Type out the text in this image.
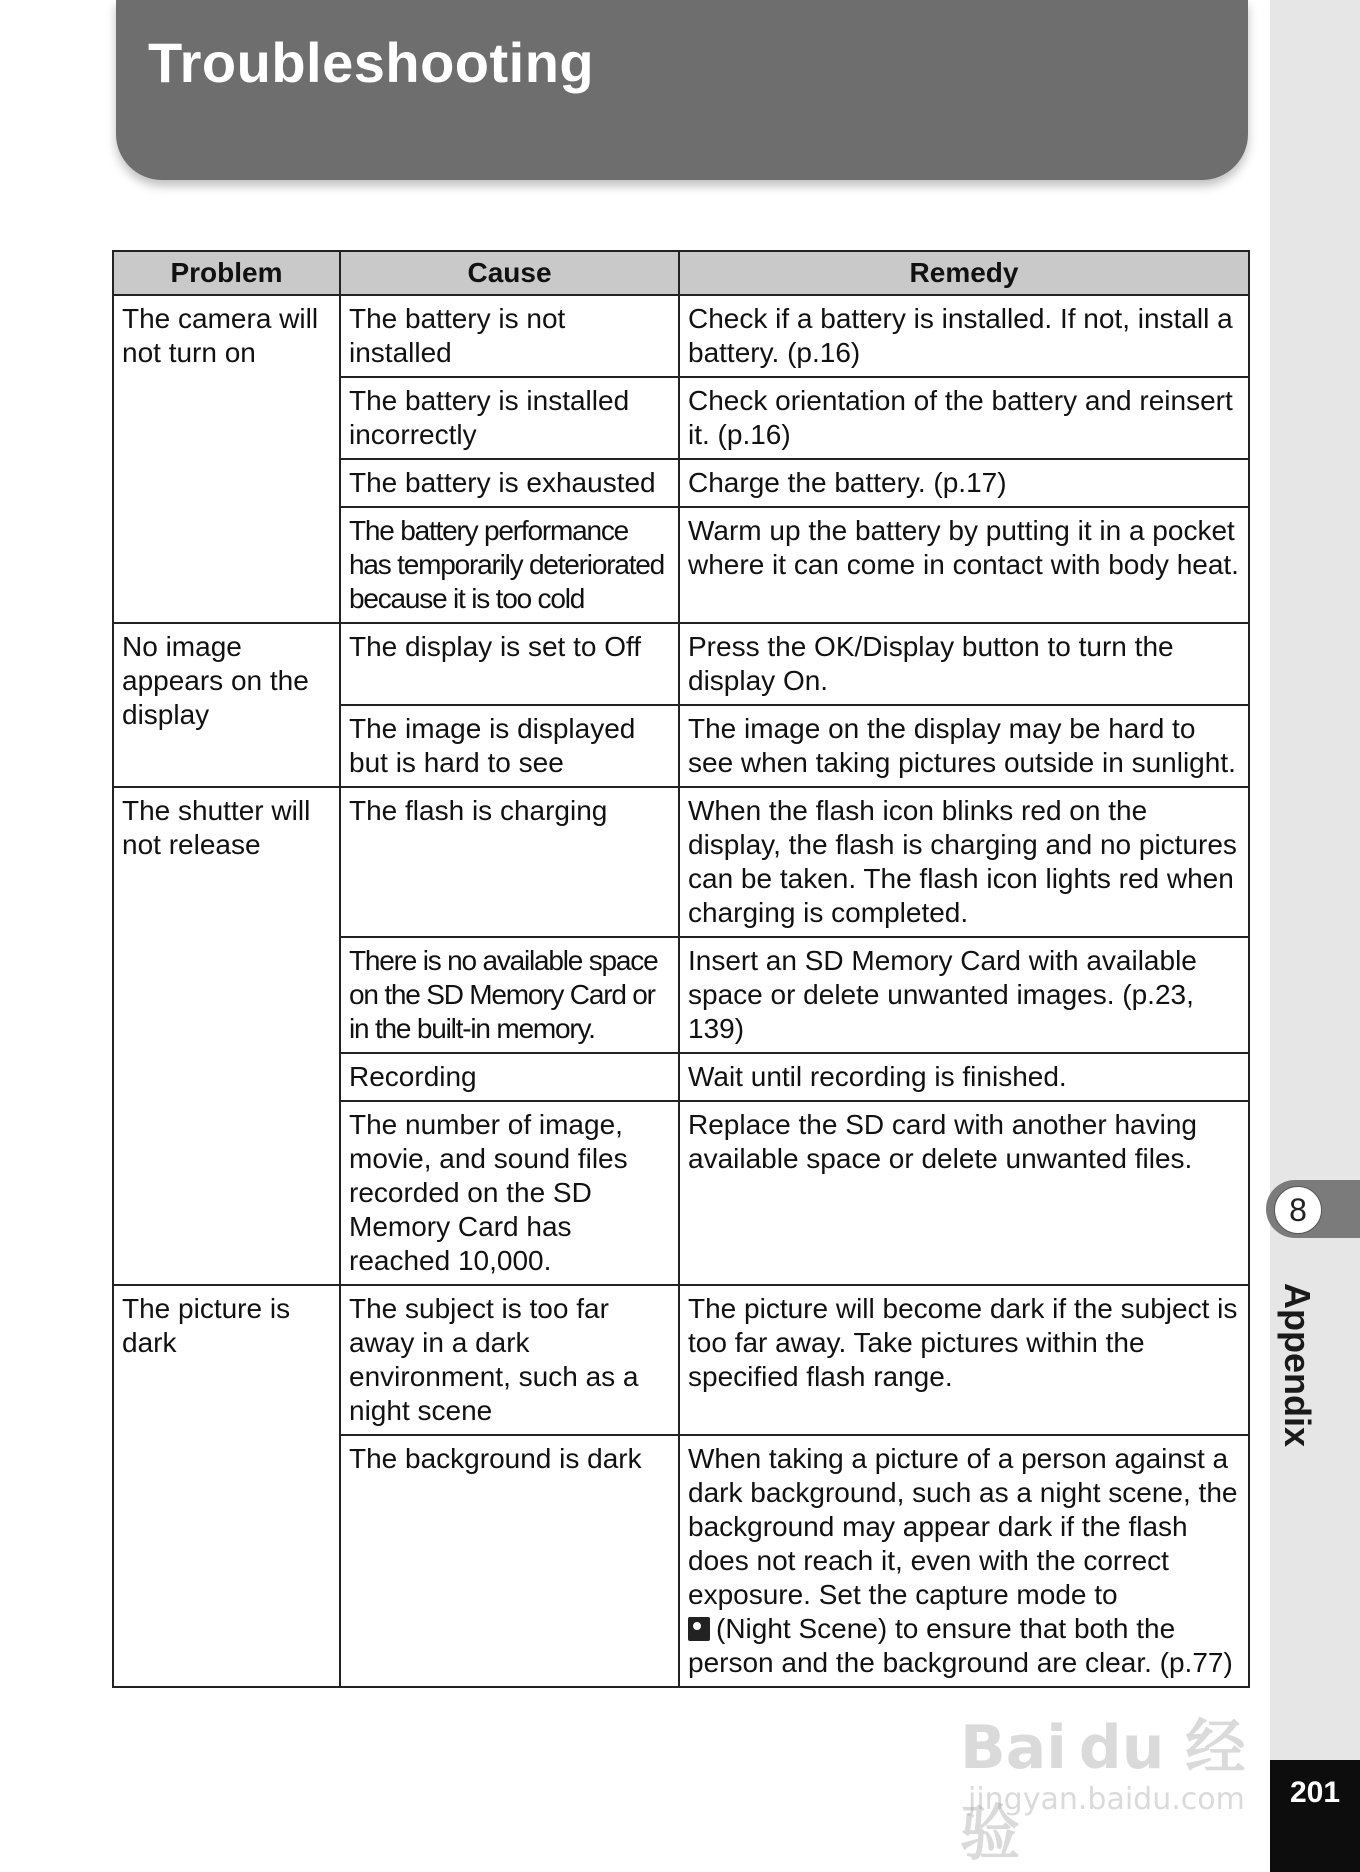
Troubleshooting
8
Appendix
Problem	Cause	Remedy
The camera will not turn on	The battery is not installed	Check if a battery is installed. If not, install a battery. (p.16)
	The battery is installed incorrectly	Check orientation of the battery and reinsert it. (p.16)
	The battery is exhausted	Charge the battery. (p.17)
	The battery performance has temporarily deteriorated because it is too cold	Warm up the battery by putting it in a pocket where it can come in contact with body heat.
No image appears on the display	The display is set to Off	Press the OK/Display button to turn the display On.
	The image is displayed but is hard to see	The image on the display may be hard to see when taking pictures outside in sunlight.
The shutter will not release	The flash is charging	When the flash icon blinks red on the display, the flash is charging and no pictures can be taken. The flash icon lights red when charging is completed.
	There is no available space on the SD Memory Card or in the built-in memory.	Insert an SD Memory Card with available space or delete unwanted images. (p.23, 139)
	Recording	Wait until recording is finished.
	The number of image, movie, and sound files recorded on the SD Memory Card has reached 10,000.	Replace the SD card with another having available space or delete unwanted files.
The picture is dark	The subject is too far away in a dark environment, such as a night scene	The picture will become dark if the subject is too far away. Take pictures within the specified flash range.
	The background is dark	When taking a picture of a person against a dark background, such as a night scene, the background may appear dark if the flash does not reach it, even with the correct exposure. Set the capture mode to
(Night Scene) to ensure that both the person and the background are clear. (p.77)
Bai du 经验
jingyan.baidu.com	201
